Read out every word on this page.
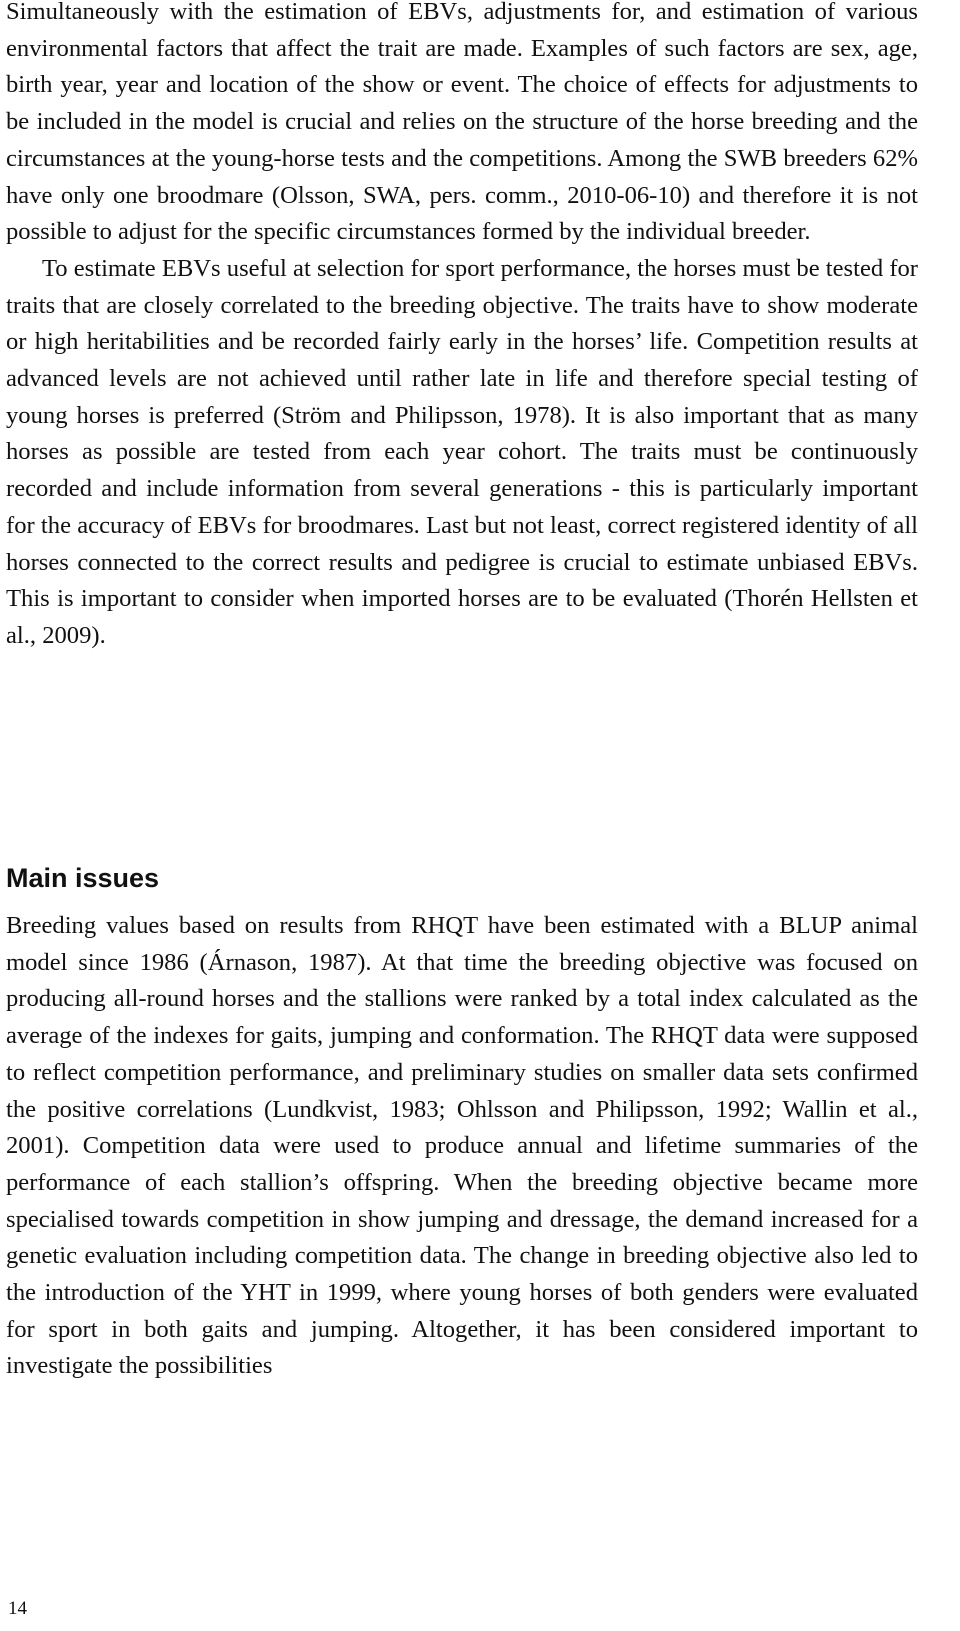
Simultaneously with the estimation of EBVs, adjustments for, and estimation of various environmental factors that affect the trait are made. Examples of such factors are sex, age, birth year, year and location of the show or event. The choice of effects for adjustments to be included in the model is crucial and relies on the structure of the horse breeding and the circumstances at the young-horse tests and the competitions. Among the SWB breeders 62% have only one broodmare (Olsson, SWA, pers. comm., 2010-06-10) and therefore it is not possible to adjust for the specific circumstances formed by the individual breeder.

To estimate EBVs useful at selection for sport performance, the horses must be tested for traits that are closely correlated to the breeding objective. The traits have to show moderate or high heritabilities and be recorded fairly early in the horses’ life. Competition results at advanced levels are not achieved until rather late in life and therefore special testing of young horses is preferred (Ström and Philipsson, 1978). It is also important that as many horses as possible are tested from each year cohort. The traits must be continuously recorded and include information from several generations - this is particularly important for the accuracy of EBVs for broodmares. Last but not least, correct registered identity of all horses connected to the correct results and pedigree is crucial to estimate unbiased EBVs. This is important to consider when imported horses are to be evaluated (Thorén Hellsten et al., 2009).

Main issues

Breeding values based on results from RHQT have been estimated with a BLUP animal model since 1986 (Árnason, 1987). At that time the breeding objective was focused on producing all-round horses and the stallions were ranked by a total index calculated as the average of the indexes for gaits, jumping and conformation. The RHQT data were supposed to reflect competition performance, and preliminary studies on smaller data sets confirmed the positive correlations (Lundkvist, 1983; Ohlsson and Philipsson, 1992; Wallin et al., 2001). Competition data were used to produce annual and lifetime summaries of the performance of each stallion’s offspring. When the breeding objective became more specialised towards competition in show jumping and dressage, the demand increased for a genetic evaluation including competition data. The change in breeding objective also led to the introduction of the YHT in 1999, where young horses of both genders were evaluated for sport in both gaits and jumping. Altogether, it has been considered important to investigate the possibilities

14
